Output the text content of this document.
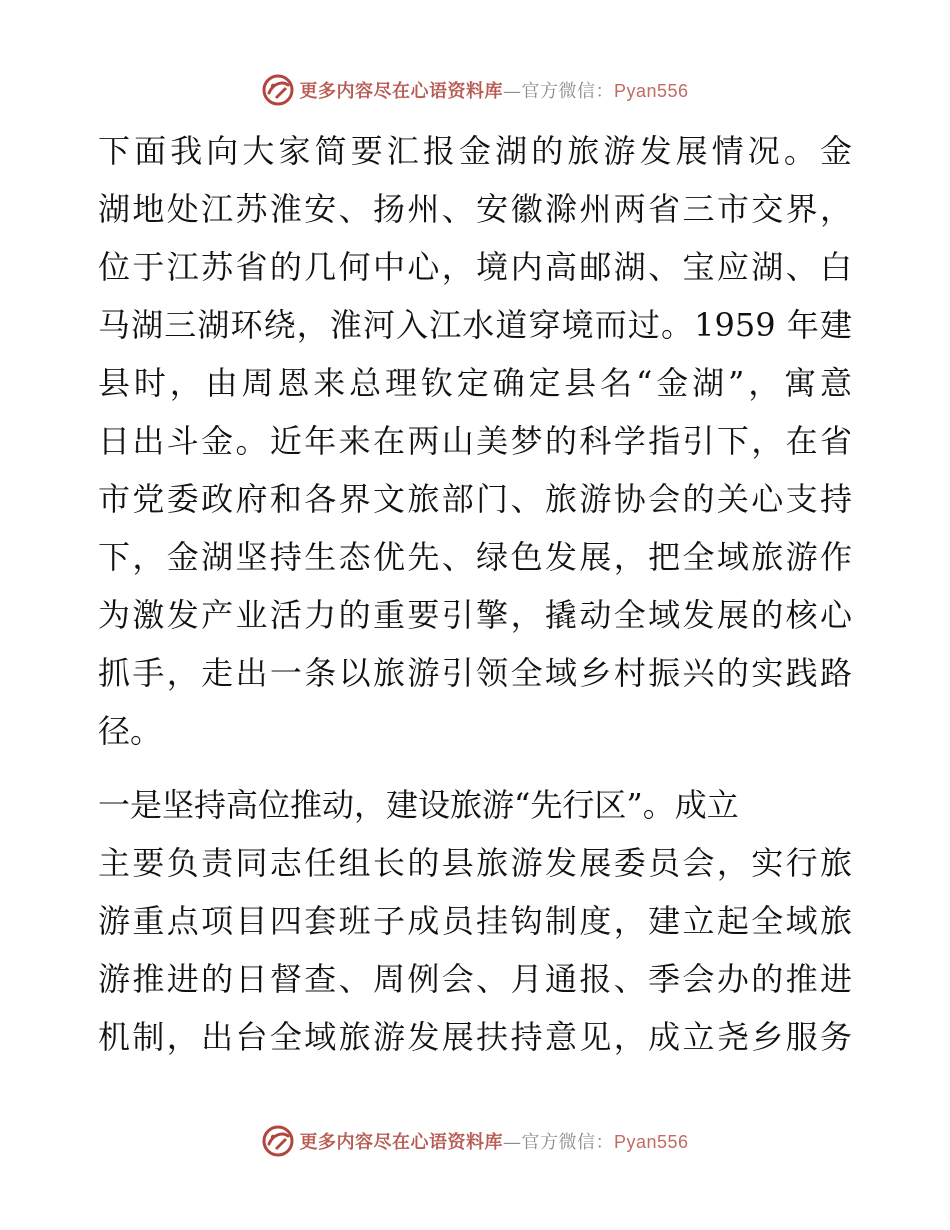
更多内容尽在心语资料库—官方微信：Pyan556
下面我向大家简要汇报金湖的旅游发展情况。金
湖地处江苏淮安、扬州、安徽滁州两省三市交界，
位于江苏省的几何中心，境内高邮湖、宝应湖、白
马湖三湖环绕，淮河入江水道穿境而过。1959 年建
县时，由周恩来总理钦定确定县名“金湖”，寓意
日出斗金。近年来在两山美梦的科学指引下，在省
市党委政府和各界文旅部门、旅游协会的关心支持
下，金湖坚持生态优先、绿色发展，把全域旅游作
为激发产业活力的重要引擎，撬动全域发展的核心
抓手，走出一条以旅游引领全域乡村振兴的实践路
径。
一是坚持高位推动，建设旅游“先行区”。成立
主要负责同志任组长的县旅游发展委员会，实行旅
游重点项目四套班子成员挂钩制度，建立起全域旅
游推进的日督查、周例会、月通报、季会办的推进
机制，出台全域旅游发展扶持意见，成立尧乡服务
更多内容尽在心语资料库—官方微信：Pyan556
